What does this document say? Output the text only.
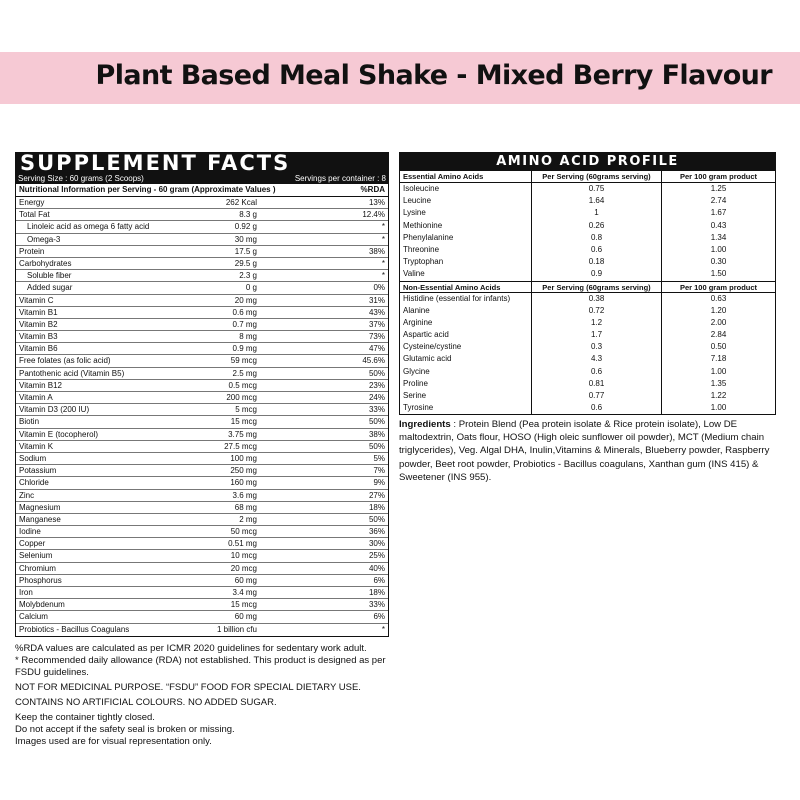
Plant Based Meal Shake - Mixed Berry Flavour
SUPPLEMENT FACTS
Serving Size : 60 grams (2 Scoops)	Servings per container : 8
Nutritional Information per Serving - 60 gram (Approximate Values )	%RDA
Energy	262 Kcal	13%
Total Fat	8.3 g	12.4%
Linoleic acid as omega 6 fatty acid	0.92 g	*
Omega-3	30 mg	*
Protein	17.5 g	38%
Carbohydrates	29.5 g	*
Soluble fiber	2.3 g	*
Added sugar	0 g	0%
Vitamin C	20 mg	31%
Vitamin B1	0.6 mg	43%
Vitamin B2	0.7 mg	37%
Vitamin B3	8 mg	73%
Vitamin B6	0.9 mg	47%
Free folates (as folic acid)	59 mcg	45.6%
Pantothenic acid (Vitamin B5)	2.5 mg	50%
Vitamin B12	0.5 mcg	23%
Vitamin A	200 mcg	24%
Vitamin D3 (200 IU)	5 mcg	33%
Biotin	15 mcg	50%
Vitamin E (tocopherol)	3.75 mg	38%
Vitamin K	27.5 mcg	50%
Sodium	100 mg	5%
Potassium	250 mg	7%
Chloride	160 mg	9%
Zinc	3.6 mg	27%
Magnesium	68 mg	18%
Manganese	2 mg	50%
Iodine	50 mcg	36%
Copper	0.51 mg	30%
Selenium	10 mcg	25%
Chromium	20 mcg	40%
Phosphorus	60 mg	6%
Iron	3.4 mg	18%
Molybdenum	15 mcg	33%
Calcium	60 mg	6%
Probiotics - Bacillus Coagulans	1 billion cfu	*

%RDA values are calculated as per ICMR 2020 guidelines for sedentary work adult.

* Recommended daily allowance (RDA) not established. This product is designed as per FSDU guidelines.

NOT FOR MEDICINAL PURPOSE. “FSDU” FOOD FOR SPECIAL DIETARY USE.

CONTAINS NO ARTIFICIAL COLOURS. NO ADDED SUGAR.

Keep the container tightly closed.

Do not accept if the safety seal is broken or missing.

Images used are for visual representation only.

AMINO ACID PROFILE
Essential Amino Acids	Per Serving (60grams serving)	Per 100 gram product
Isoleucine	0.75	1.25
Leucine	1.64	2.74
Lysine	1	1.67
Methionine	0.26	0.43
Phenylalanine	0.8	1.34
Threonine	0.6	1.00
Tryptophan	0.18	0.30
Valine	0.9	1.50
Non-Essential Amino Acids	Per Serving (60grams serving)	Per 100 gram product
Histidine (essential for infants)	0.38	0.63
Alanine	0.72	1.20
Arginine	1.2	2.00
Aspartic acid	1.7	2.84
Cysteine/cystine	0.3	0.50
Glutamic acid	4.3	7.18
Glycine	0.6	1.00
Proline	0.81	1.35
Serine	0.77	1.22
Tyrosine	0.6	1.00
Ingredients : Protein Blend (Pea protein isolate & Rice protein isolate), Low DE maltodextrin, Oats flour, HOSO (High oleic sunflower oil powder), MCT (Medium chain triglycerides), Veg. Algal DHA, Inulin,Vitamins & Minerals, Blueberry powder, Raspberry powder, Beet root powder, Probiotics - Bacillus coagulans, Xanthan gum (INS 415) & Sweetener (INS 955).
